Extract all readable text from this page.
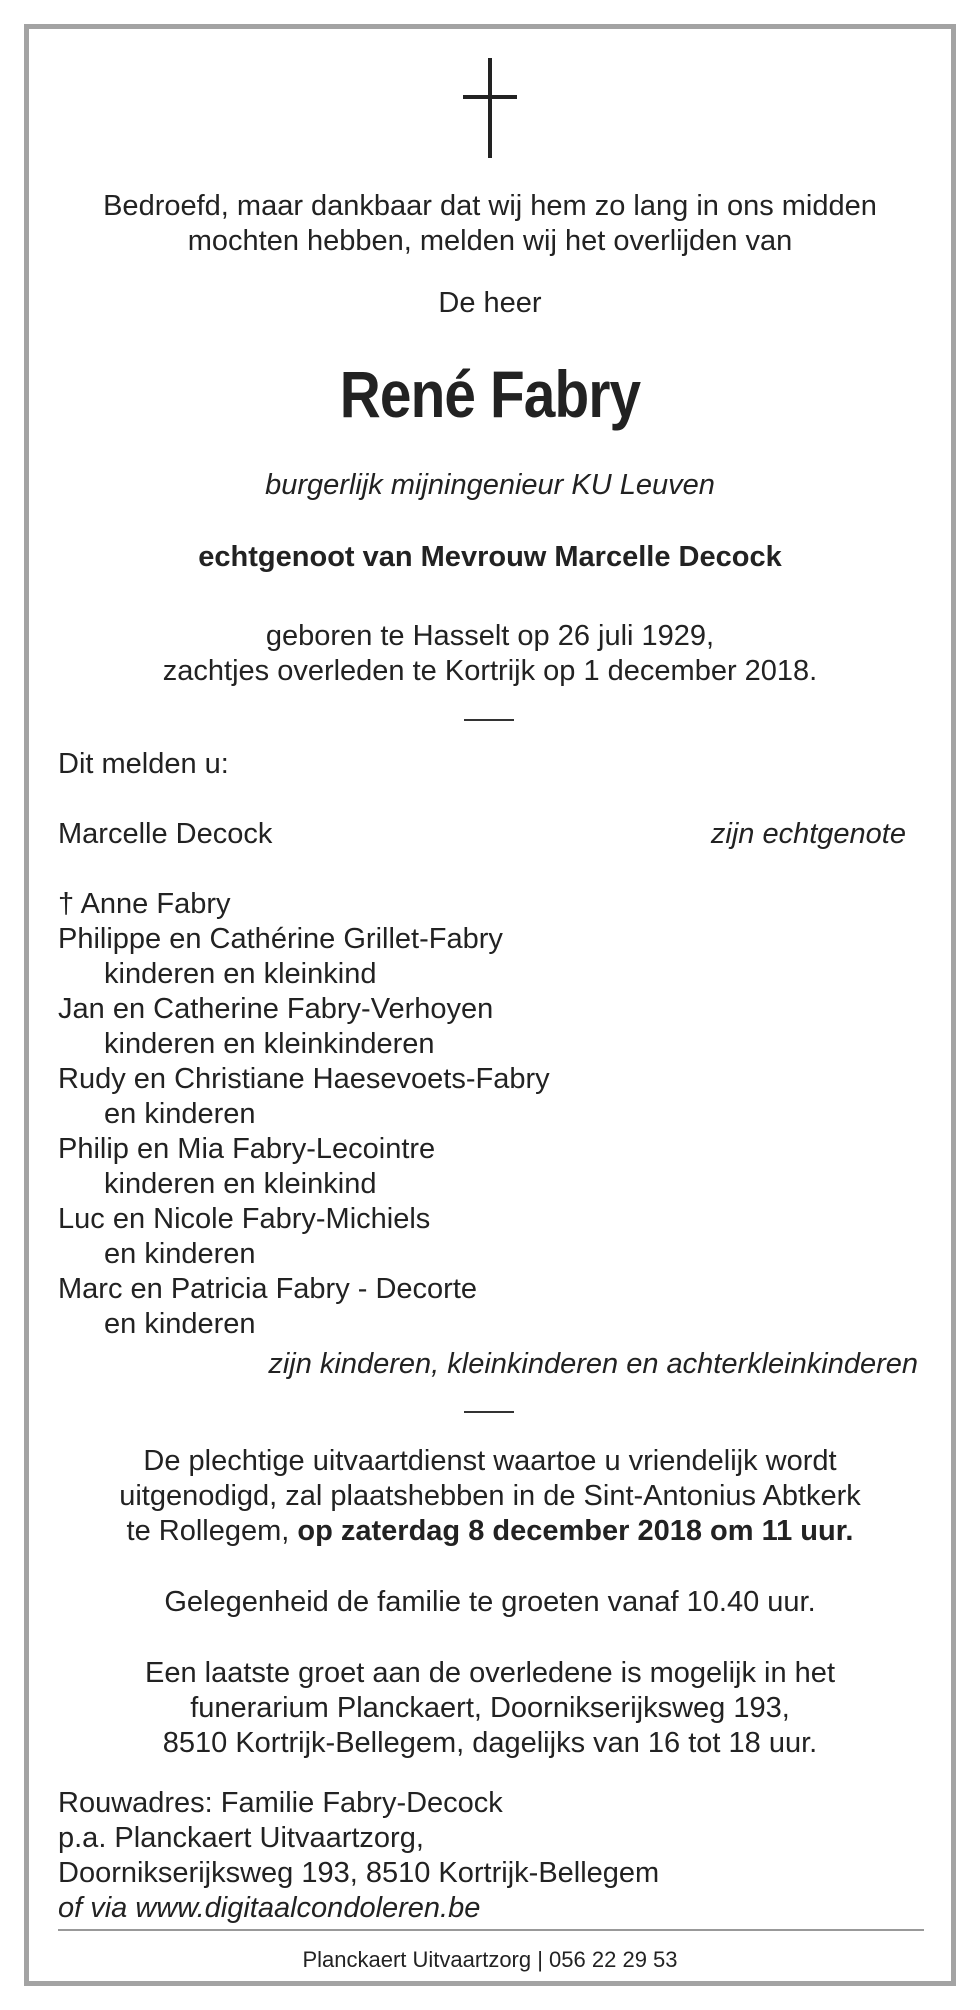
Bedroefd, maar dankbaar dat wij hem zo lang in ons midden
mochten hebben, melden wij het overlijden van
De heer
René Fabry
burgerlijk mijningenieur KU Leuven
echtgenoot van Mevrouw Marcelle Decock
geboren te Hasselt op 26 juli 1929,
zachtjes overleden te Kortrijk op 1 december 2018.
Dit melden u:
Marcelle Decock	zijn echtgenote
† Anne Fabry
Philippe en Cathérine Grillet-Fabry
kinderen en kleinkind
Jan en Catherine Fabry-Verhoyen
kinderen en kleinkinderen
Rudy en Christiane Haesevoets-Fabry
en kinderen
Philip en Mia Fabry-Lecointre
kinderen en kleinkind
Luc en Nicole Fabry-Michiels
en kinderen
Marc en Patricia Fabry - Decorte
en kinderen
zijn kinderen, kleinkinderen en achterkleinkinderen
De plechtige uitvaartdienst waartoe u vriendelijk wordt
uitgenodigd, zal plaatshebben in de Sint-Antonius Abtkerk
te Rollegem, op zaterdag 8 december 2018 om 11 uur.
Gelegenheid de familie te groeten vanaf 10.40 uur.
Een laatste groet aan de overledene is mogelijk in het
funerarium Planckaert, Doornikserijksweg 193,
8510 Kortrijk-Bellegem, dagelijks van 16 tot 18 uur.
Rouwadres: Familie Fabry-Decock
p.a. Planckaert Uitvaartzorg,
Doornikserijksweg 193, 8510 Kortrijk-Bellegem
of via www.digitaalcondoleren.be
Planckaert Uitvaartzorg | 056 22 29 53
